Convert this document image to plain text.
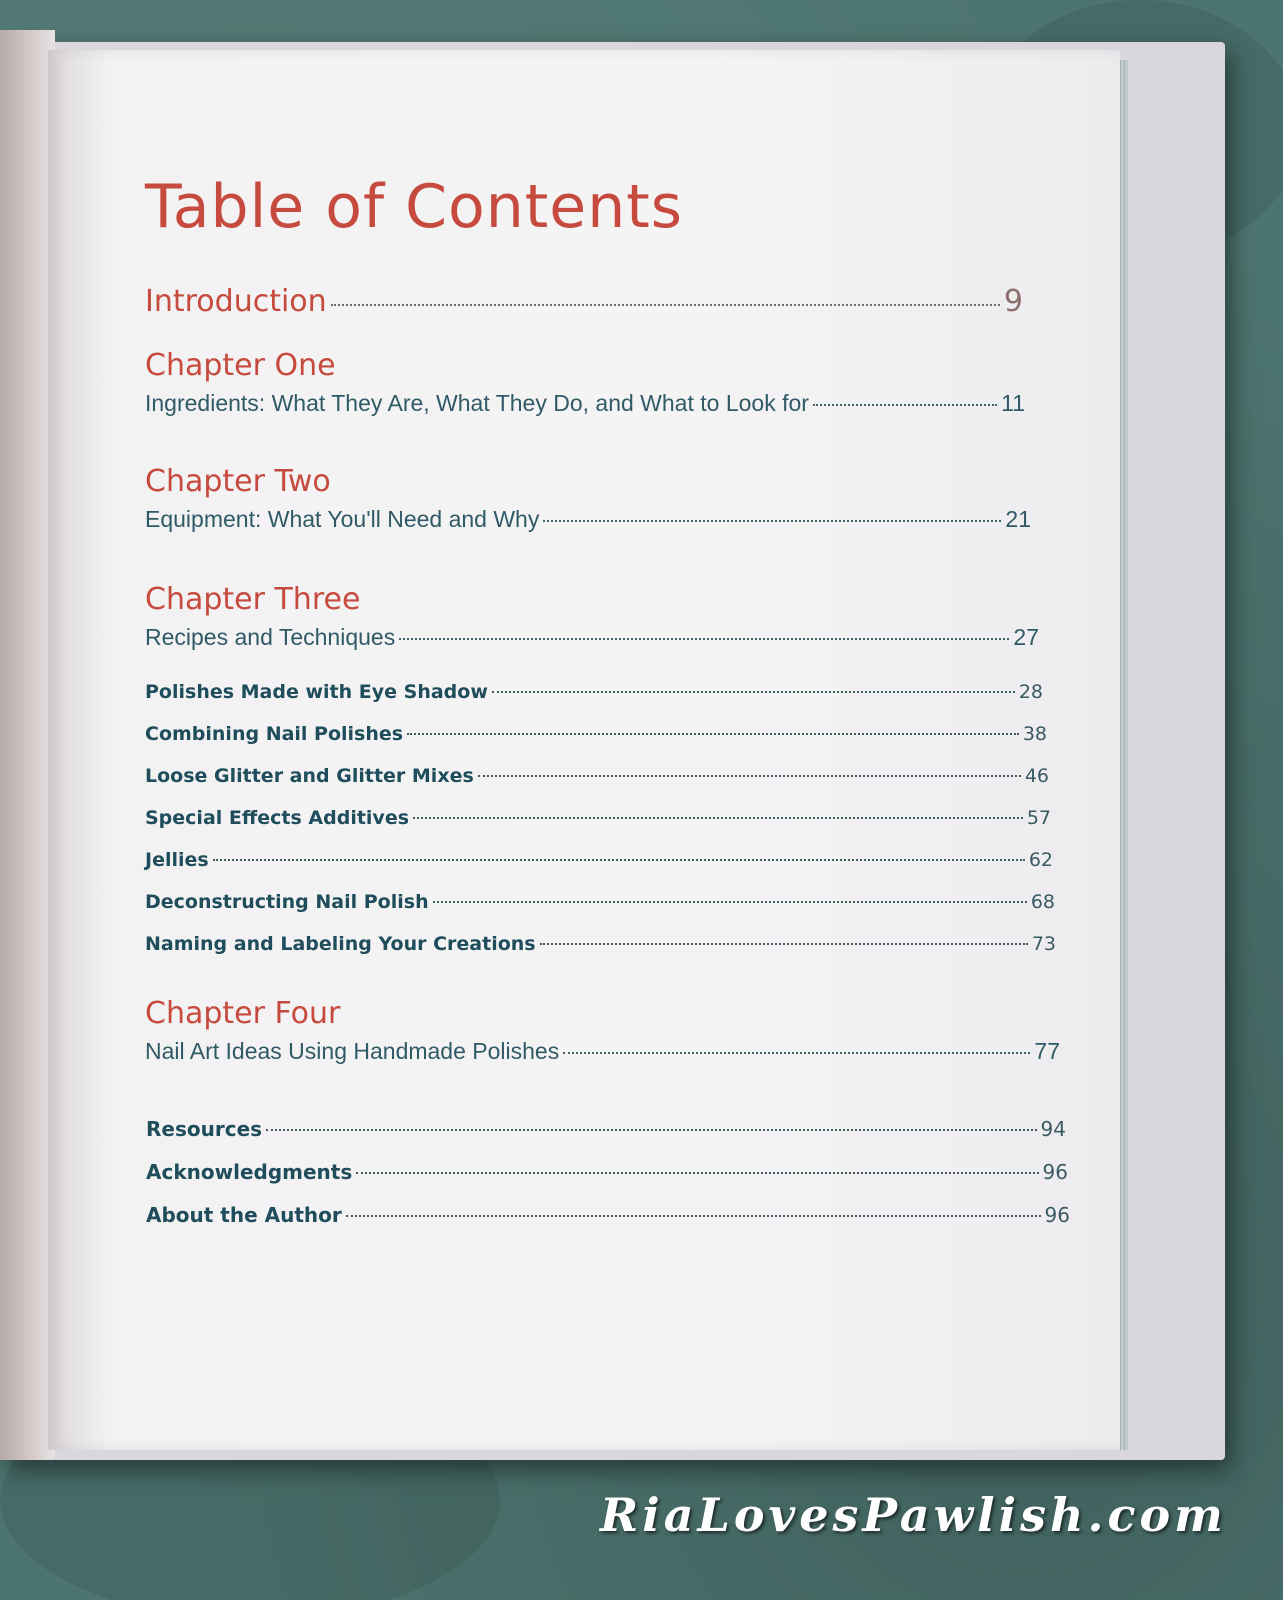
Table of Contents
Introduction	9
Chapter One
Ingredients: What They Are, What They Do, and What to Look for	11
Chapter Two
Equipment: What You'll Need and Why	21
Chapter Three
Recipes and Techniques	27
Polishes Made with Eye Shadow	28
Combining Nail Polishes	38
Loose Glitter and Glitter Mixes	46
Special Effects Additives	57
Jellies	62
Deconstructing Nail Polish	68
Naming and Labeling Your Creations	73
Chapter Four
Nail Art Ideas Using Handmade Polishes	77
Resources	94
Acknowledgments	96
About the Author	96
RiaLovesPawlish.com
